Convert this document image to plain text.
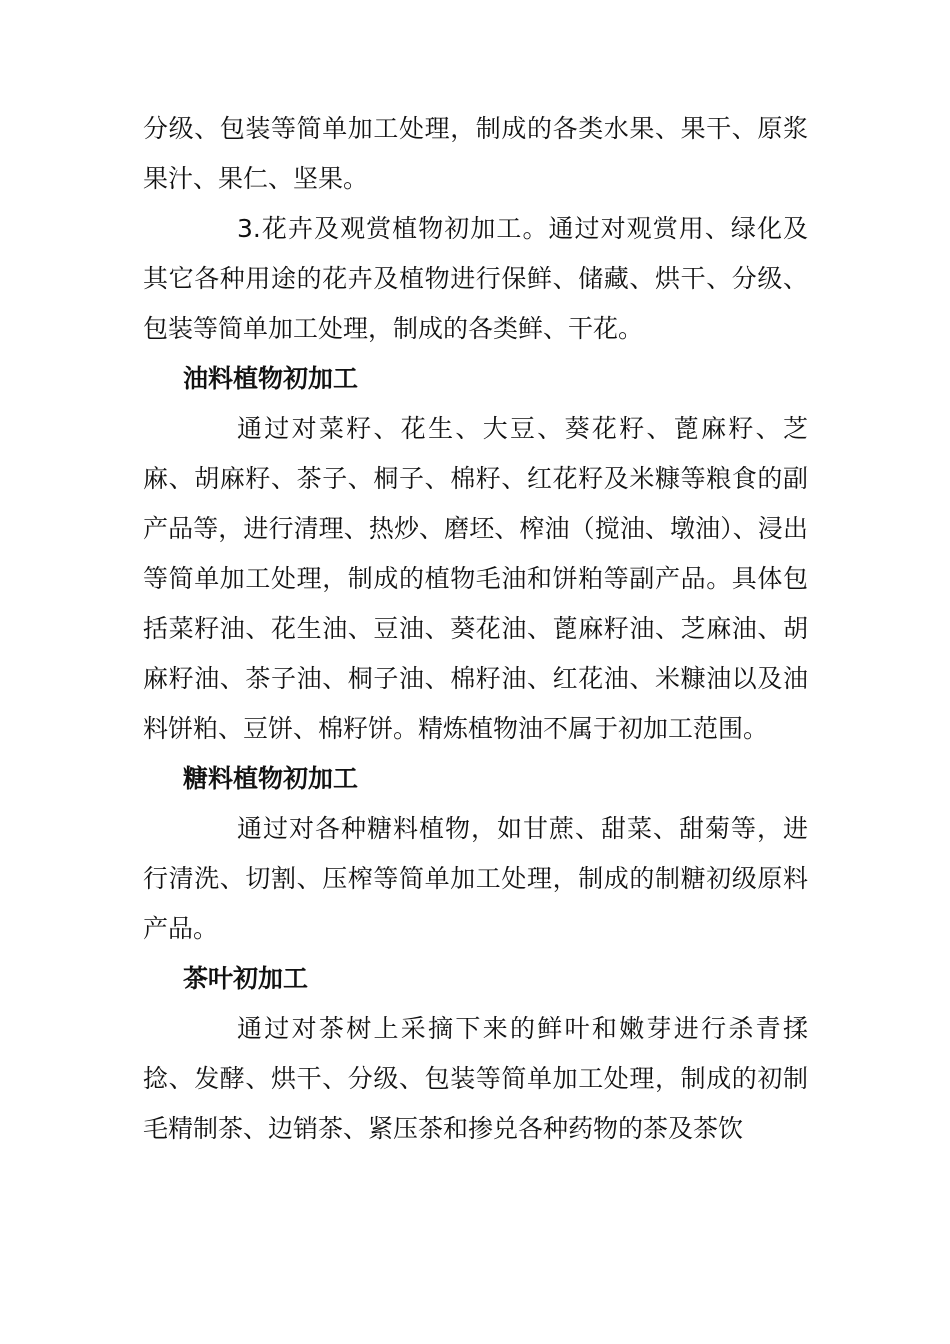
分级、包装等简单加工处理，制成的各类水果、果干、原浆果汁、果仁、坚果。

3.花卉及观赏植物初加工。通过对观赏用、绿化及其它各种用途的花卉及植物进行保鲜、储藏、烘干、分级、包装等简单加工处理，制成的各类鲜、干花。

油料植物初加工

通过对菜籽、花生、大豆、葵花籽、蓖麻籽、芝麻、胡麻籽、茶子、桐子、棉籽、红花籽及米糠等粮食的副产品等，进行清理、热炒、磨坯、榨油（搅油、墩油）、浸出等简单加工处理，制成的植物毛油和饼粕等副产品。具体包括菜籽油、花生油、豆油、葵花油、蓖麻籽油、芝麻油、胡麻籽油、茶子油、桐子油、棉籽油、红花油、米糠油以及油料饼粕、豆饼、棉籽饼。精炼植物油不属于初加工范围。

糖料植物初加工

通过对各种糖料植物，如甘蔗、甜菜、甜菊等，进行清洗、切割、压榨等简单加工处理，制成的制糖初级原料产品。

茶叶初加工

通过对茶树上采摘下来的鲜叶和嫩芽进行杀青揉捻、发酵、烘干、分级、包装等简单加工处理，制成的初制毛精制茶、边销茶、紧压茶和掺兑各种药物的茶及茶饮
